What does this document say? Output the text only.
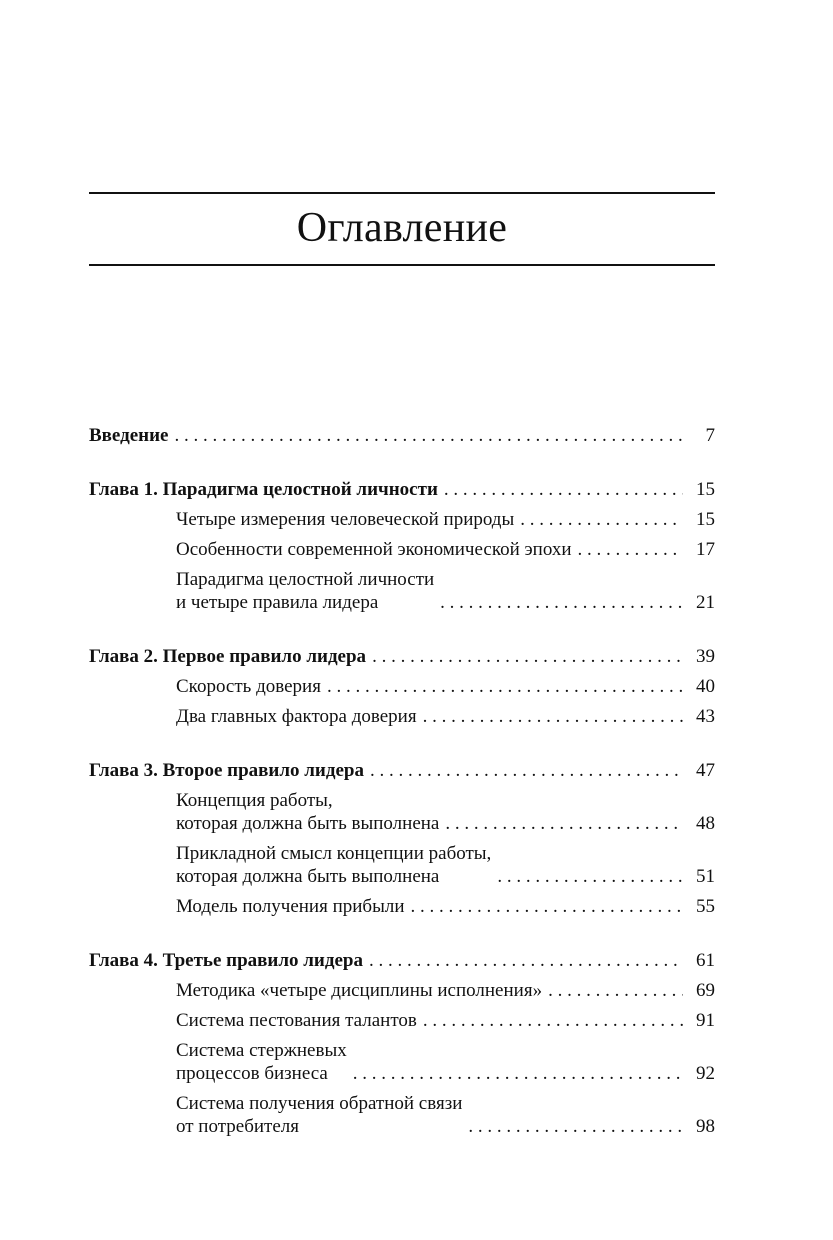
Оглавление
Введение . . .	7
Глава 1. Парадигма целостной личности . . .	15
Четыре измерения человеческой природы . . .	15
Особенности современной экономической эпохи . . .	17
Парадигма целостной личности
и четыре правила лидера . . .	21
Глава 2. Первое правило лидера . . .	39
Скорость доверия . . .	40
Два главных фактора доверия . . .	43
Глава 3. Второе правило лидера . . .	47
Концепция работы,
которая должна быть выполнена . . .	48
Прикладной смысл концепции работы,
которая должна быть выполнена . . .	51
Модель получения прибыли . . .	55
Глава 4. Третье правило лидера . . .	61
Методика «четыре дисциплины исполнения» . . .	69
Система пестования талантов . . .	91
Система стержневых
процессов бизнеса . . .	92
Система получения обратной связи
от потребителя . . .	98
